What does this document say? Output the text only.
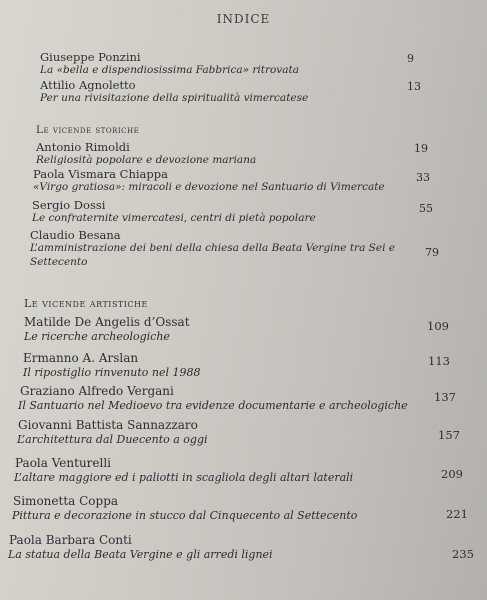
INDICE
Giuseppe Ponzini
La «bella e dispendiosissima Fabbrica» ritrovata
9
Attilio Agnoletto
Per una rivisitazione della spiritualità vimercatese
13
Le vicende storiche
Antonio Rimoldi
Religiosità popolare e devozione mariana
19
Paola Vismara Chiappa
«Virgo gratiosa»: miracoli e devozione nel Santuario di Vimercate
33
Sergio Dossi
Le confraternite vimercatesi, centri di pietà popolare
55
Claudio Besana
L’amministrazione dei beni della chiesa della Beata Vergine tra Sei e
Settecento
79
Le vicende artistiche
Matilde De Angelis d’Ossat
Le ricerche archeologiche
109
Ermanno A. Arslan
Il ripostiglio rinvenuto nel 1988
113
Graziano Alfredo Vergani
Il Santuario nel Medioevo tra evidenze documentarie e archeologiche
137
Giovanni Battista Sannazzaro
L’architettura dal Duecento a oggi	157
Paola Venturelli
L’altare maggiore ed i paliotti in scagliola degli altari laterali	209
Simonetta Coppa
Pittura e decorazione in stucco dal Cinquecento al Settecento	221
Paola Barbara Conti
La statua della Beata Vergine e gli arredi lignei	235
